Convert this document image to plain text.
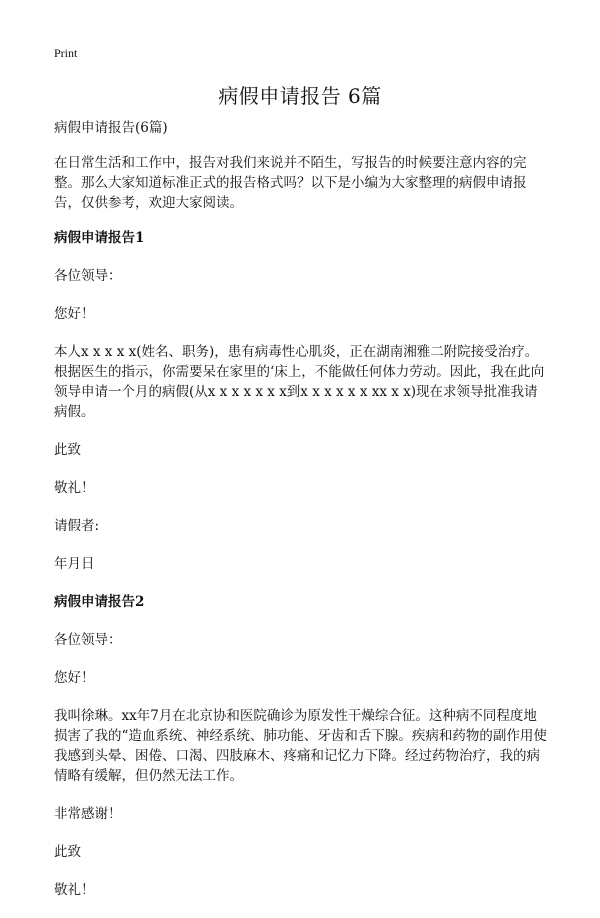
Print
病假申请报告 6篇

病假申请报告(6篇)

在日常生活和工作中，报告对我们来说并不陌生，写报告的时候要注意内容的完整。那么大家知道标准正式的报告格式吗？以下是小编为大家整理的病假申请报告，仅供参考，欢迎大家阅读。

病假申请报告1

各位领导：

您好！

本人x x x x x(姓名、职务)，患有病毒性心肌炎，正在湖南湘雅二附院接受治疗。根据医生的指示，你需要呆在家里的‘床上，不能做任何体力劳动。因此，我在此向领导申请一个月的病假(从x x x x x x x到x x x x x x xx x x)现在求领导批准我请病假。

此致

敬礼！

请假者:

年月日

病假申请报告2

各位领导：

您好！

我叫徐琳。xx年7月在北京协和医院确诊为原发性干燥综合征。这种病不同程度地损害了我的“造血系统、神经系统、肺功能、牙齿和舌下腺。疾病和药物的副作用使我感到头晕、困倦、口渴、四肢麻木、疼痛和记忆力下降。经过药物治疗，我的病情略有缓解，但仍然无法工作。

非常感谢！

此致

敬礼！
